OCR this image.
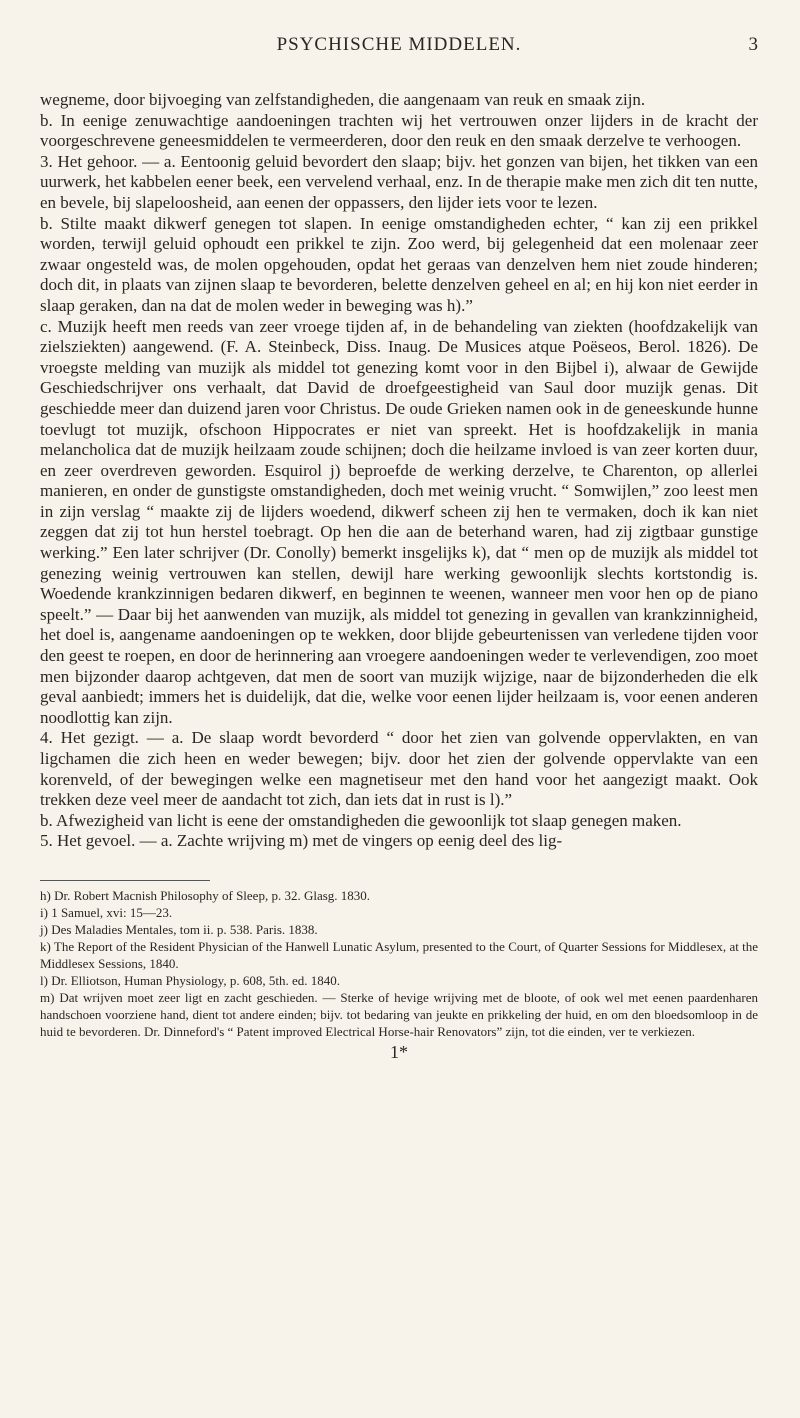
PSYCHISCHE MIDDELEN.	3

wegneme, door bijvoeging van zelfstandigheden, die aangenaam van reuk en smaak zijn.

b. In eenige zenuwachtige aandoeningen trachten wij het vertrouwen onzer lijders in de kracht der voorgeschrevene geneesmiddelen te vermeerderen, door den reuk en den smaak derzelve te verhoogen.

3. Het gehoor. — a. Eentoonig geluid bevordert den slaap; bijv. het gonzen van bijen, het tikken van een uurwerk, het kabbelen eener beek, een vervelend verhaal, enz. In de therapie make men zich dit ten nutte, en bevele, bij slapeloosheid, aan eenen der oppassers, den lijder iets voor te lezen.

b. Stilte maakt dikwerf genegen tot slapen. In eenige omstandigheden echter, “ kan zij een prikkel worden, terwijl geluid ophoudt een prikkel te zijn. Zoo werd, bij gelegenheid dat een molenaar zeer zwaar ongesteld was, de molen opgehouden, opdat het geraas van denzelven hem niet zoude hinderen; doch dit, in plaats van zijnen slaap te bevorderen, belette denzelven geheel en al; en hij kon niet eerder in slaap geraken, dan na dat de molen weder in beweging was h).”

c. Muzijk heeft men reeds van zeer vroege tijden af, in de behandeling van ziekten (hoofdzakelijk van zielsziekten) aangewend. (F. A. Steinbeck, Diss. Inaug. De Musices atque Poëseos, Berol. 1826). De vroegste melding van muzijk als middel tot genezing komt voor in den Bijbel i), alwaar de Gewijde Geschiedschrijver ons verhaalt, dat David de droefgeestigheid van Saul door muzijk genas. Dit geschiedde meer dan duizend jaren voor Christus. De oude Grieken namen ook in de geneeskunde hunne toevlugt tot muzijk, ofschoon Hippocrates er niet van spreekt. Het is hoofdzakelijk in mania melancholica dat de muzijk heilzaam zoude schijnen; doch die heilzame invloed is van zeer korten duur, en zeer overdreven geworden. Esquirol j) beproefde de werking derzelve, te Charenton, op allerlei manieren, en onder de gunstigste omstandigheden, doch met weinig vrucht. “ Somwijlen,” zoo leest men in zijn verslag “ maakte zij de lijders woedend, dikwerf scheen zij hen te vermaken, doch ik kan niet zeggen dat zij tot hun herstel toebragt. Op hen die aan de beterhand waren, had zij zigtbaar gunstige werking.” Een later schrijver (Dr. Conolly) bemerkt insgelijks k), dat “ men op de muzijk als middel tot genezing weinig vertrouwen kan stellen, dewijl hare werking gewoonlijk slechts kortstondig is. Woedende krankzinnigen bedaren dikwerf, en beginnen te weenen, wanneer men voor hen op de piano speelt.” — Daar bij het aanwenden van muzijk, als middel tot genezing in gevallen van krankzinnigheid, het doel is, aangename aandoeningen op te wekken, door blijde gebeurtenissen van verledene tijden voor den geest te roepen, en door de herinnering aan vroegere aandoeningen weder te verlevendigen, zoo moet men bijzonder daarop achtgeven, dat men de soort van muzijk wijzige, naar de bijzonderheden die elk geval aanbiedt; immers het is duidelijk, dat die, welke voor eenen lijder heilzaam is, voor eenen anderen noodlottig kan zijn.

4. Het gezigt. — a. De slaap wordt bevorderd “ door het zien van golvende oppervlakten, en van ligchamen die zich heen en weder bewegen; bijv. door het zien der golvende oppervlakte van een korenveld, of der bewegingen welke een magnetiseur met den hand voor het aangezigt maakt. Ook trekken deze veel meer de aandacht tot zich, dan iets dat in rust is l).”

b. Afwezigheid van licht is eene der omstandigheden die gewoonlijk tot slaap genegen maken.

5. Het gevoel. — a. Zachte wrijving m) met de vingers op eenig deel des lig-

h) Dr. Robert Macnish Philosophy of Sleep, p. 32. Glasg. 1830.

i) 1 Samuel, xvi: 15—23.

j) Des Maladies Mentales, tom ii. p. 538. Paris. 1838.

k) The Report of the Resident Physician of the Hanwell Lunatic Asylum, presented to the Court, of Quarter Sessions for Middlesex, at the Middlesex Sessions, 1840.

l) Dr. Elliotson, Human Physiology, p. 608, 5th. ed. 1840.

m) Dat wrijven moet zeer ligt en zacht geschieden. — Sterke of hevige wrijving met de bloote, of ook wel met eenen paardenharen handschoen voorziene hand, dient tot andere einden; bijv. tot bedaring van jeukte en prikkeling der huid, en om den bloedsomloop in de huid te bevorderen. Dr. Dinneford's “ Patent improved Electrical Horse-hair Renovators” zijn, tot die einden, ver te verkiezen.

1*
